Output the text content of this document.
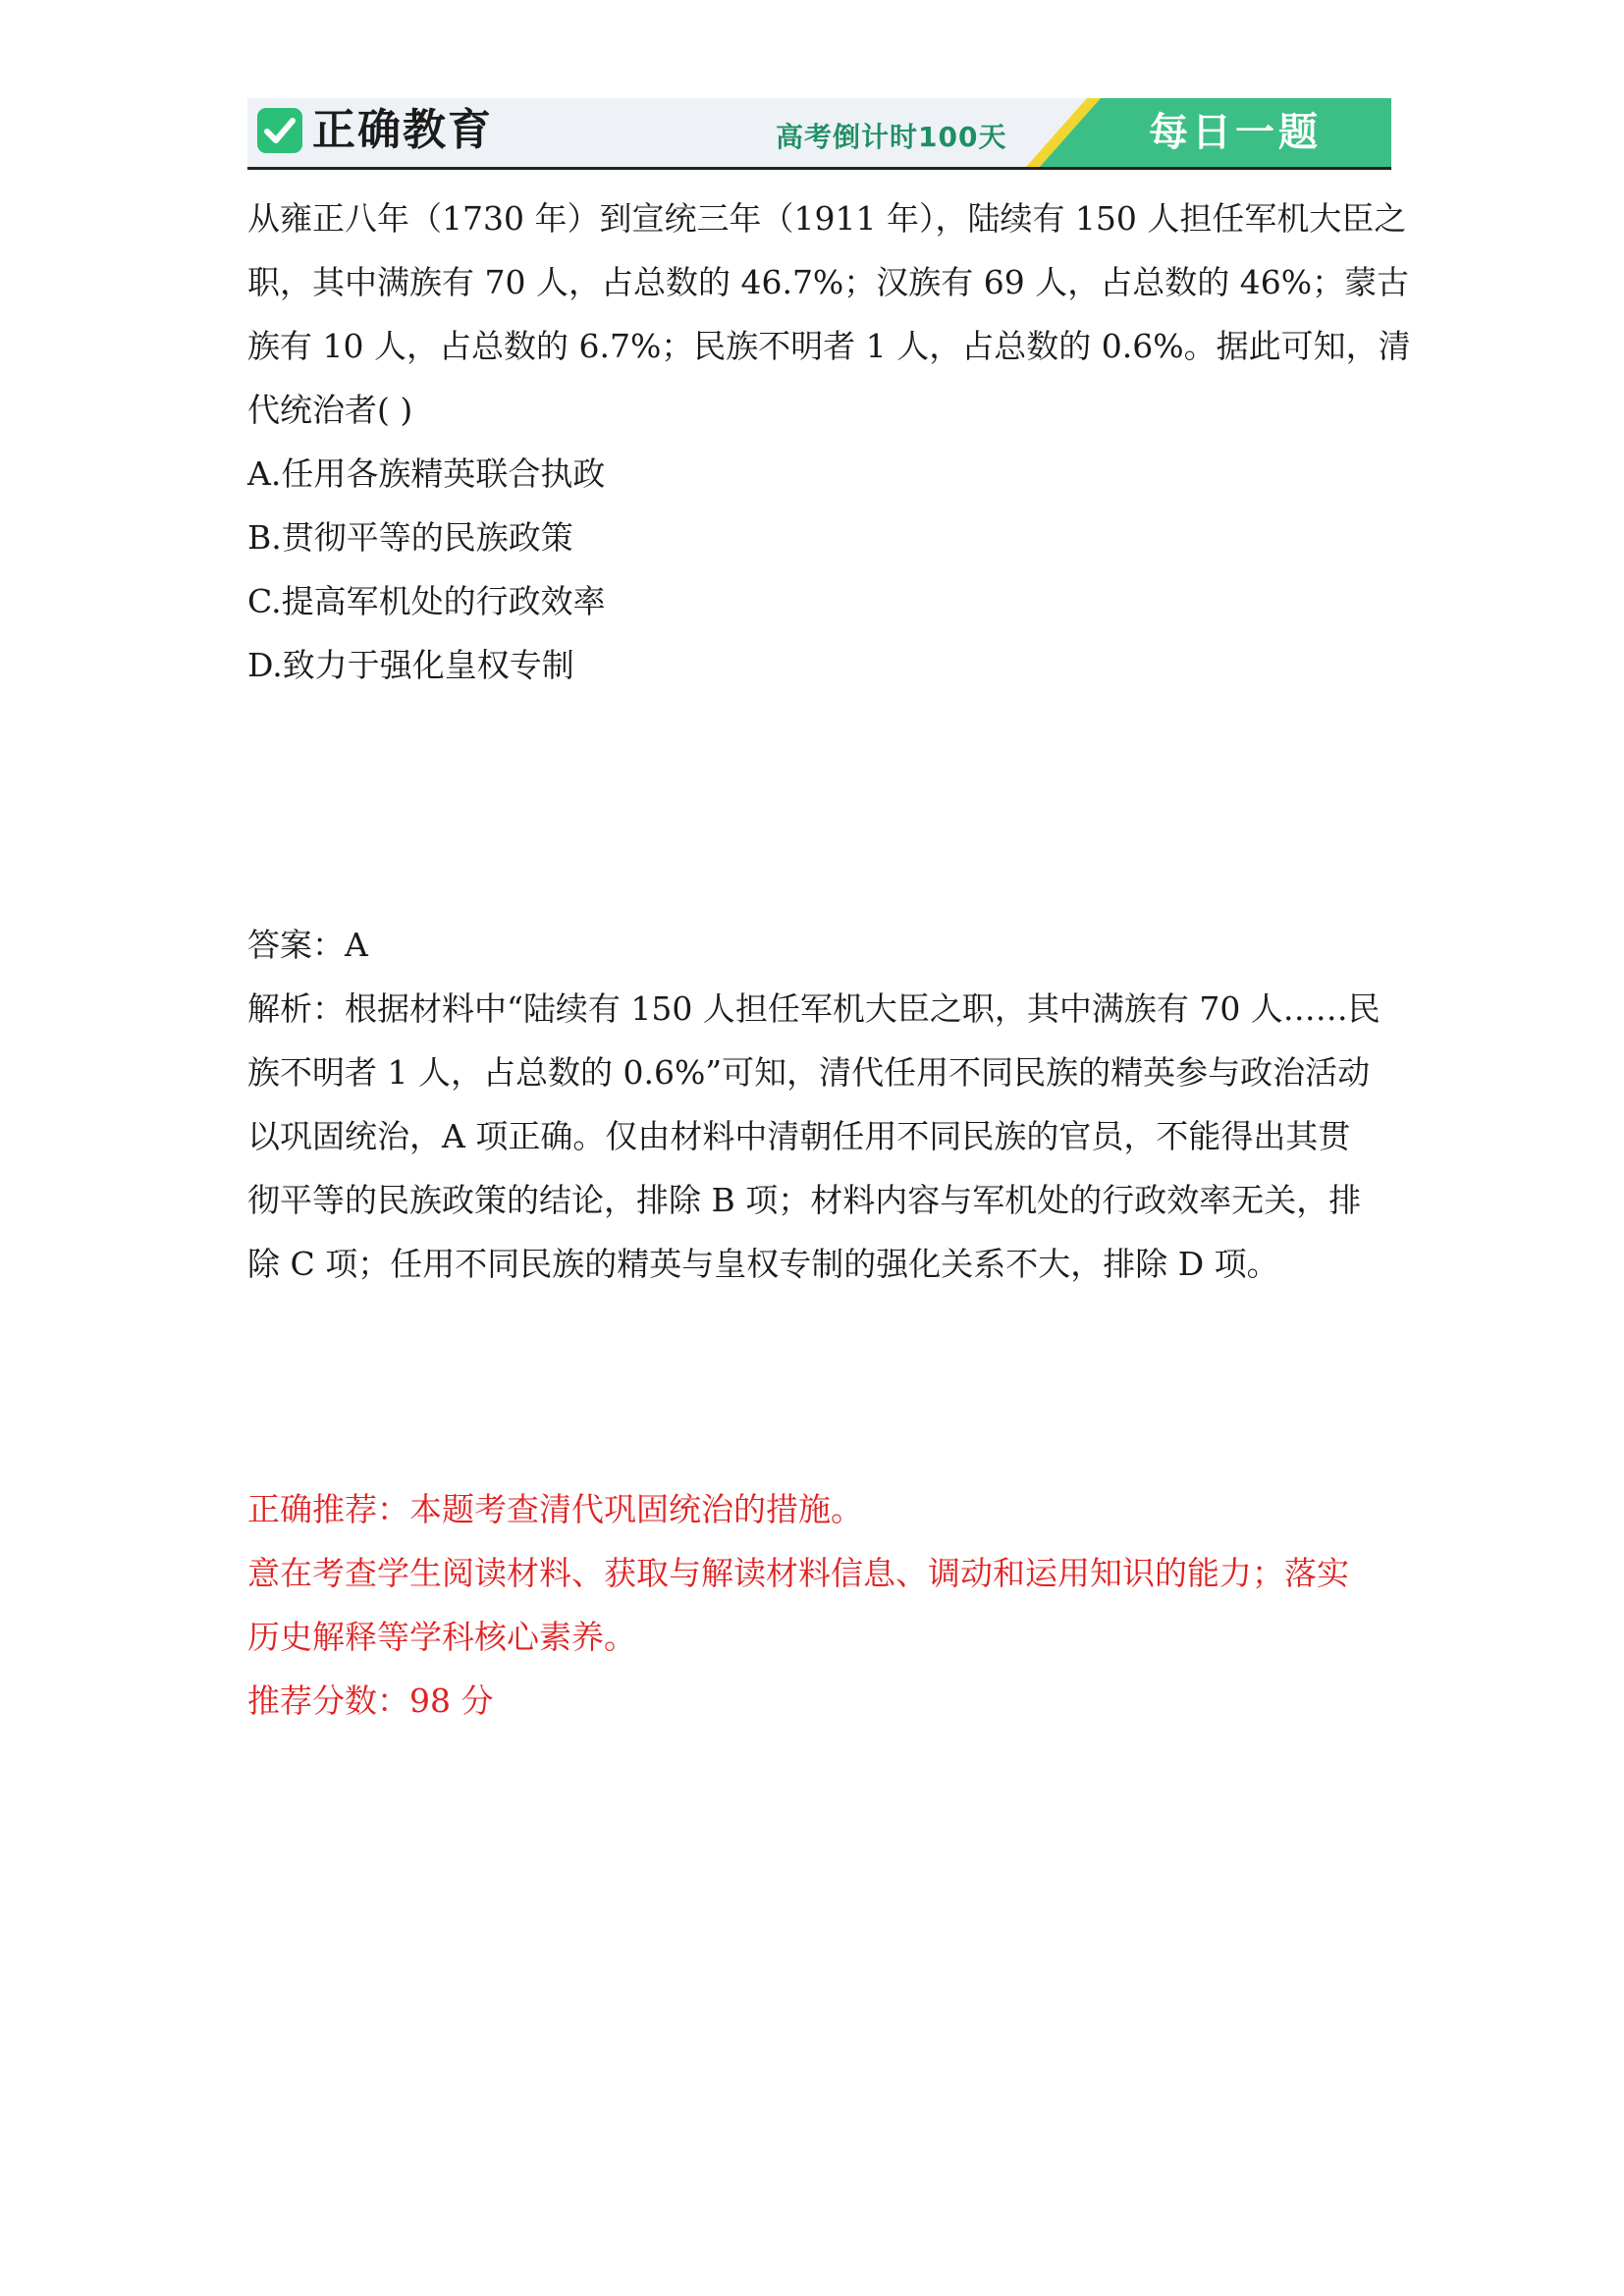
正确教育	高考倒计时100天	每日一题
从雍正八年（1730 年）到宣统三年（1911 年），陆续有 150 人担任军机大臣之
职，其中满族有 70 人，占总数的 46.7%；汉族有 69 人，占总数的 46%；蒙古
族有 10 人，占总数的 6.7%；民族不明者 1 人，占总数的 0.6%。据此可知，清
代统治者( )
A.任用各族精英联合执政
B.贯彻平等的民族政策
C.提高军机处的行政效率
D.致力于强化皇权专制
答案：A
解析：根据材料中“陆续有 150 人担任军机大臣之职，其中满族有 70 人……民
族不明者 1 人，占总数的 0.6%”可知，清代任用不同民族的精英参与政治活动
以巩固统治，A 项正确。仅由材料中清朝任用不同民族的官员，不能得出其贯
彻平等的民族政策的结论，排除 B 项；材料内容与军机处的行政效率无关，排
除 C 项；任用不同民族的精英与皇权专制的强化关系不大，排除 D 项。
正确推荐：本题考查清代巩固统治的措施。
意在考查学生阅读材料、获取与解读材料信息、调动和运用知识的能力；落实
历史解释等学科核心素养。
推荐分数：98 分
